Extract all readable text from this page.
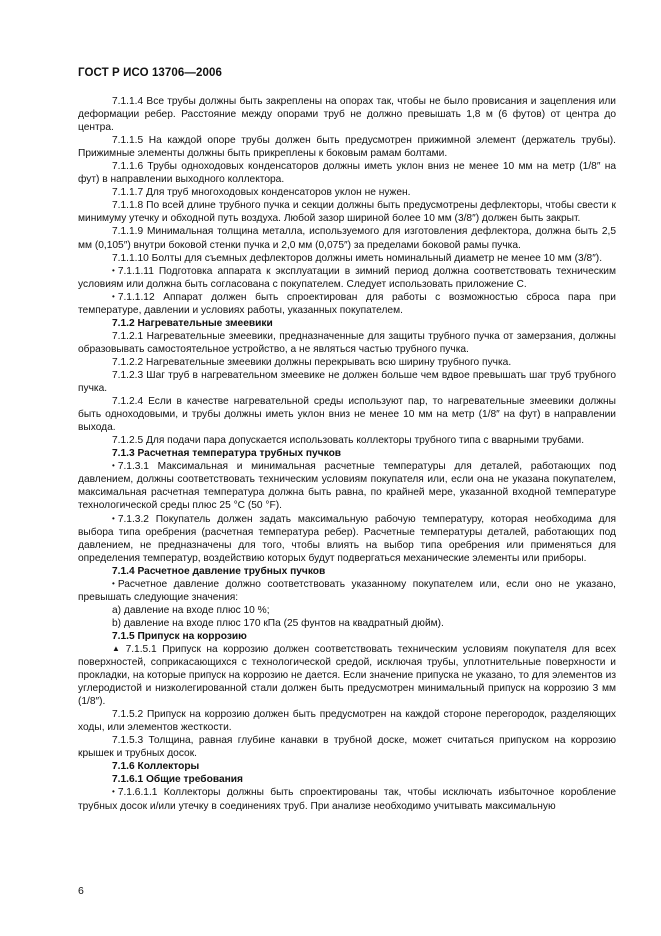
ГОСТ Р ИСО 13706—2006

7.1.1.4 Все трубы должны быть закреплены на опорах так, чтобы не было провисания и зацепления или деформации ребер. Расстояние между опорами труб не должно превышать 1,8 м (6 футов) от центра до центра.

7.1.1.5 На каждой опоре трубы должен быть предусмотрен прижимной элемент (держатель трубы). Прижимные элементы должны быть прикреплены к боковым рамам болтами.

7.1.1.6 Трубы одноходовых конденсаторов должны иметь уклон вниз не менее 10 мм на метр (1/8″ на фут) в направлении выходного коллектора.

7.1.1.7 Для труб многоходовых конденсаторов уклон не нужен.

7.1.1.8 По всей длине трубного пучка и секции должны быть предусмотрены дефлекторы, чтобы свести к минимуму утечку и обходной путь воздуха. Любой зазор шириной более 10 мм (3/8″) должен быть закрыт.

7.1.1.9 Минимальная толщина металла, используемого для изготовления дефлектора, должна быть 2,5 мм (0,105″) внутри боковой стенки пучка и 2,0 мм (0,075″) за пределами боковой рамы пучка.

7.1.1.10 Болты для съемных дефлекторов должны иметь номинальный диаметр не менее 10 мм (3/8″).

• 7.1.1.11 Подготовка аппарата к эксплуатации в зимний период должна соответствовать техническим условиям или должна быть согласована с покупателем. Следует использовать приложение С.

• 7.1.1.12 Аппарат должен быть спроектирован для работы с возможностью сброса пара при температуре, давлении и условиях работы, указанных покупателем.

7.1.2 Нагревательные змеевики

7.1.2.1 Нагревательные змеевики, предназначенные для защиты трубного пучка от замерзания, должны образовывать самостоятельное устройство, а не являться частью трубного пучка.

7.1.2.2 Нагревательные змеевики должны перекрывать всю ширину трубного пучка.

7.1.2.3 Шаг труб в нагревательном змеевике не должен больше чем вдвое превышать шаг труб трубного пучка.

7.1.2.4 Если в качестве нагревательной среды используют пар, то нагревательные змеевики должны быть одноходовыми, и трубы должны иметь уклон вниз не менее 10 мм на метр (1/8″ на фут) в направлении выхода.

7.1.2.5 Для подачи пара допускается использовать коллекторы трубного типа с вварными трубами.

7.1.3 Расчетная температура трубных пучков

• 7.1.3.1 Максимальная и минимальная расчетные температуры для деталей, работающих под давлением, должны соответствовать техническим условиям покупателя или, если она не указана покупателем, максимальная расчетная температура должна быть равна, по крайней мере, указанной входной температуре технологической среды плюс 25 °С (50 °F).

• 7.1.3.2 Покупатель должен задать максимальную рабочую температуру, которая необходима для выбора типа оребрения (расчетная температура ребер). Расчетные температуры деталей, работающих под давлением, не предназначены для того, чтобы влиять на выбор типа оребрения или применяться для определения температур, воздействию которых будут подвергаться механические элементы или приборы.

7.1.4 Расчетное давление трубных пучков

• Расчетное давление должно соответствовать указанному покупателем или, если оно не указано, превышать следующие значения:

a) давление на входе плюс 10 %;

b) давление на входе плюс 170 кПа (25 фунтов на квадратный дюйм).

7.1.5 Припуск на коррозию

▲ 7.1.5.1 Припуск на коррозию должен соответствовать техническим условиям покупателя для всех поверхностей, соприкасающихся с технологической средой, исключая трубы, уплотнительные поверхности и прокладки, на которые припуск на коррозию не дается. Если значение припуска не указано, то для элементов из углеродистой и низколегированной стали должен быть предусмотрен минимальный припуск на коррозию 3 мм (1/8″).

7.1.5.2 Припуск на коррозию должен быть предусмотрен на каждой стороне перегородок, разделяющих ходы, или элементов жесткости.

7.1.5.3 Толщина, равная глубине канавки в трубной доске, может считаться припуском на коррозию крышек и трубных досок.

7.1.6 Коллекторы

7.1.6.1 Общие требования

• 7.1.6.1.1 Коллекторы должны быть спроектированы так, чтобы исключать избыточное коробление трубных досок и/или утечку в соединениях труб. При анализе необходимо учитывать максимальную

6
